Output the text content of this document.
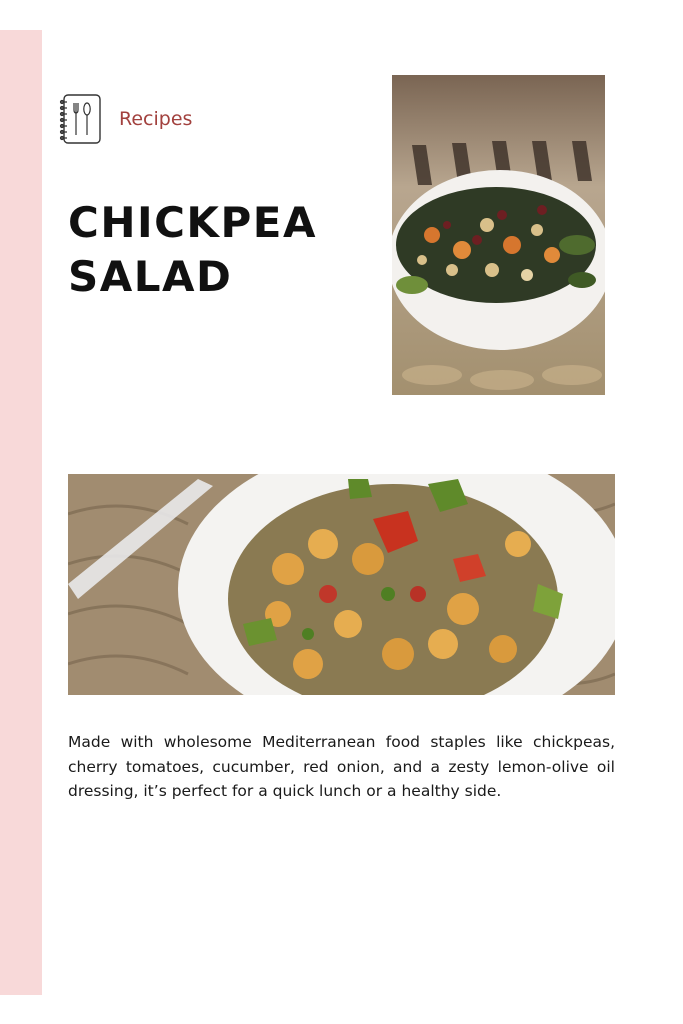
Recipes
CHICKPEA
SALAD

Made with wholesome Mediterranean food staples like chickpeas, cherry tomatoes, cucumber, red onion, and a zesty lemon-olive oil dressing, it’s perfect for a quick lunch or a healthy side.
